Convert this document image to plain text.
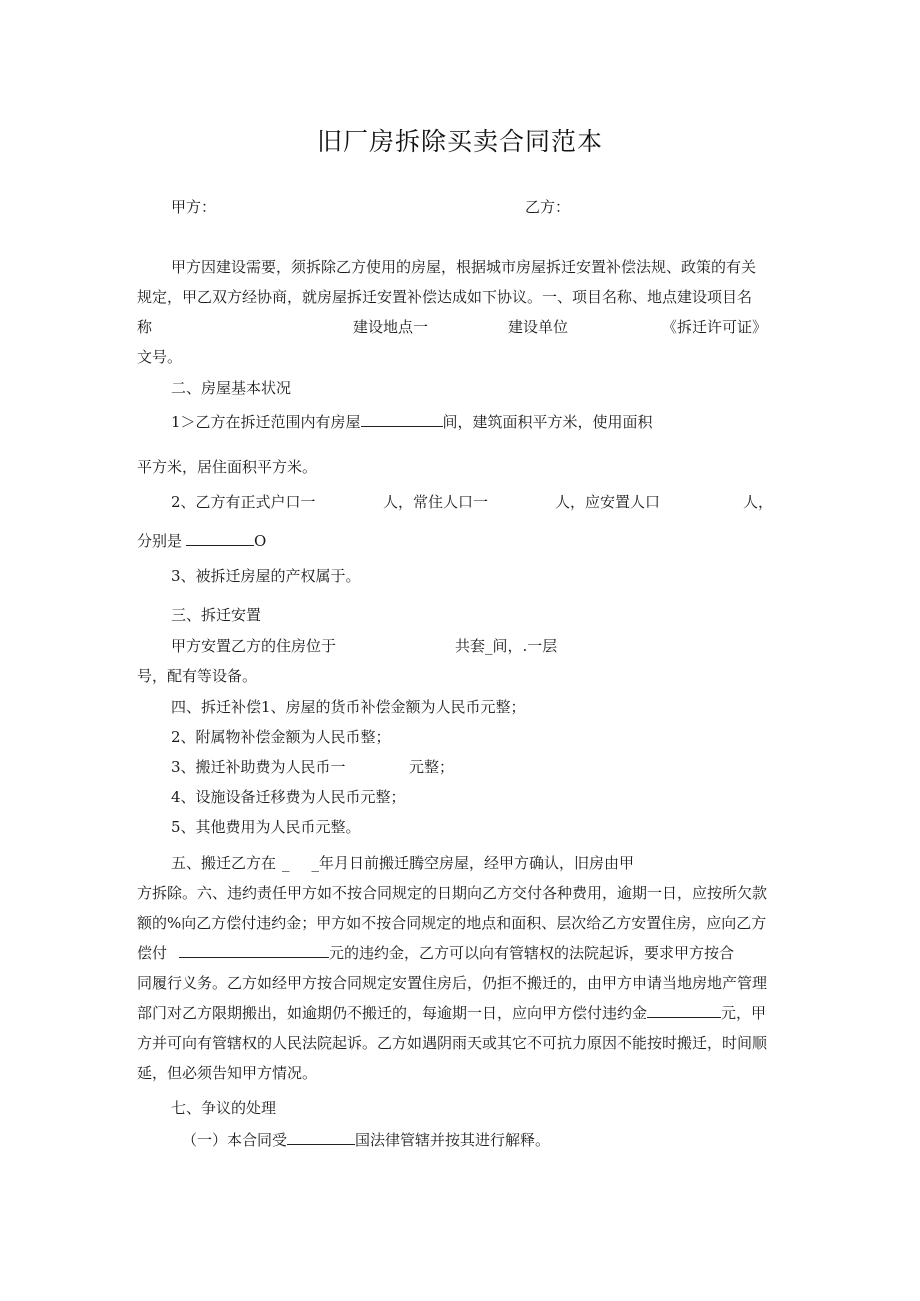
旧厂房拆除买卖合同范本
甲方：	乙方：
甲方因建设需要，须拆除乙方使用的房屋，根据城市房屋拆迁安置补偿法规、政策的有关
规定，甲乙双方经协商，就房屋拆迁安置补偿达成如下协议。一、项目名称、地点建设项目名
称	建设地点一	建设单位	《拆迁许可证》
文号。
二、房屋基本状况
1＞乙方在拆迁范围内有房屋	间，建筑面积平方米，使用面积
平方米，居住面积平方米。
2、乙方有正式户口一	人，常住人口一	人，应安置人口	人，
分别是	O
3、被拆迁房屋的产权属于。
三、拆迁安置
甲方安置乙方的住房位于	共套_间，.一层
号，配有等设备。
四、拆迁补偿1、房屋的货币补偿金额为人民币元整；
2、附属物补偿金额为人民币整；
3、搬迁补助费为人民币一	元整；
4、设施设备迁移费为人民币元整；
5、其他费用为人民币元整。
五、搬迁乙方在 _ _年月日前搬迁腾空房屋，经甲方确认，旧房由甲
方拆除。六、违约责任甲方如不按合同规定的日期向乙方交付各种费用，逾期一日，应按所欠款
额的%向乙方偿付违约金；甲方如不按合同规定的地点和面积、层次给乙方安置住房，应向乙方
偿付	元的违约金，乙方可以向有管辖权的法院起诉，要求甲方按合
同履行义务。乙方如经甲方按合同规定安置住房后，仍拒不搬迁的，由甲方申请当地房地产管理
部门对乙方限期搬出，如逾期仍不搬迁的，每逾期一日，应向甲方偿付违约金	元，甲
方并可向有管辖权的人民法院起诉。乙方如遇阴雨天或其它不可抗力原因不能按时搬迁，时间顺
延，但必须告知甲方情况。
七、争议的处理
（一）本合同受	国法律管辖并按其进行解释。
